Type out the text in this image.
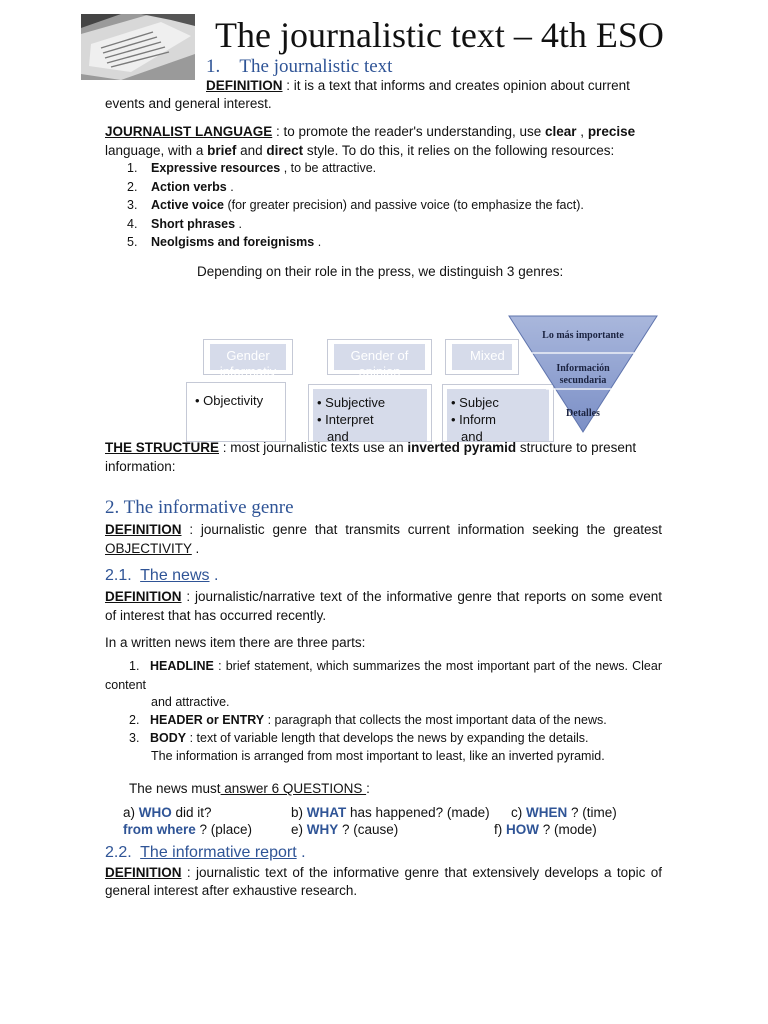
The journalistic text – 4th ESO
1. The journalistic text
DEFINITION : it is a text that informs and creates opinion about current
events and general interest.
JOURNALIST LANGUAGE : to promote the reader's understanding, use clear , precise
language, with a brief and direct style. To do this, it relies on the following resources:
1. Expressive resources , to be attractive.
2. Action verbs .
3. Active voice (for greater precision) and passive voice (to emphasize the fact).
4. Short phrases .
5. Neolgisms and foreignisms .
Depending on their role in the press, we distinguish 3 genres:
Gender informativ
Gender of opinion
Mixed
• Objectivity	• Subjective
• Interpret
and
• Subjec
• Inform
and
Lo más importante
Información
secundaria
Detalles
THE STRUCTURE : most journalistic texts use an inverted pyramid structure to present
information:
2. The informative genre
DEFINITION : journalistic genre that transmits current information seeking the greatest
OBJECTIVITY .
2.1. The news .
DEFINITION : journalistic/narrative text of the informative genre that reports on some event
of interest that has occurred recently.
In a written news item there are three parts:
1. HEADLINE : brief statement, which summarizes the most important part of the news. Clear
content
and attractive.
2. HEADER or ENTRY : paragraph that collects the most important data of the news.
3. BODY : text of variable length that develops the news by expanding the details.
The information is arranged from most important to least, like an inverted pyramid.
The news must answer 6 QUESTIONS :
a) WHO did it?	b) WHAT has happened? (made) c) WHEN ? (time)
from where ? (place)	e) WHY ? (cause)	f) HOW ? (mode)
2.2. The informative report .
DEFINITION : journalistic text of the informative genre that extensively develops a topic of
general interest after exhaustive research.
